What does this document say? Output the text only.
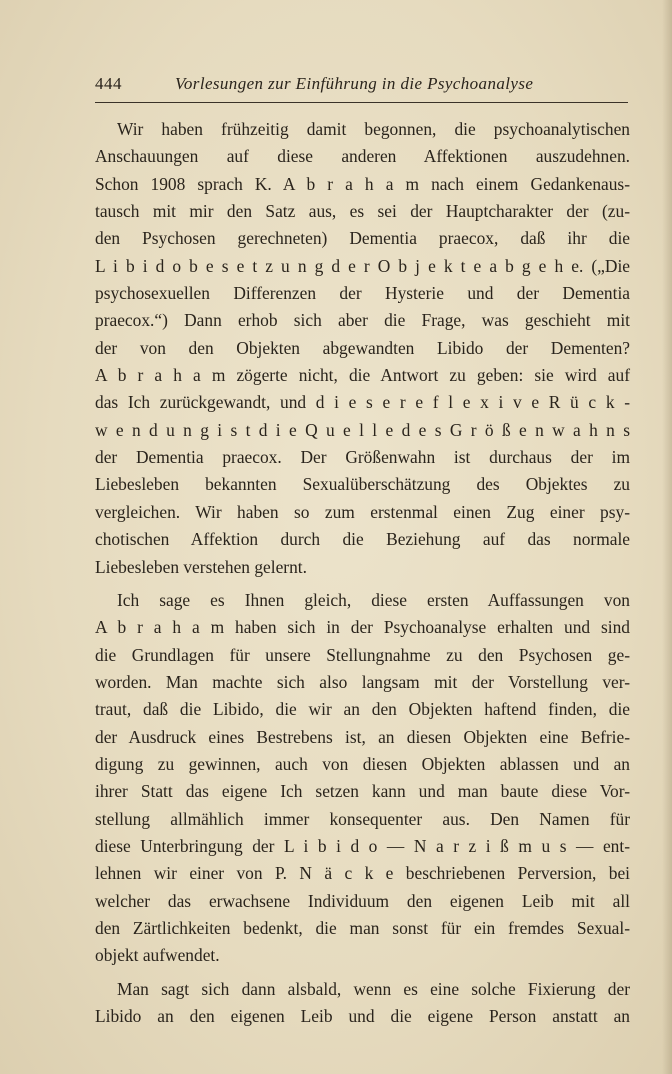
444	Vorlesungen zur Einführung in die Psychoanalyse
Wir haben frühzeitig damit begonnen, die psychoanalytischen
Anschauungen auf diese anderen Affektionen auszudehnen.
Schon 1908 sprach K. A b r a h a m nach einem Gedankenaus-
tausch mit mir den Satz aus, es sei der Hauptcharakter der (zu-
den Psychosen gerechneten) Dementia praecox, daß ihr die
L i b i d o b e s e t z u n g d e r O b j e k t e a b g e h e. („Die
psychosexuellen Differenzen der Hysterie und der Dementia
praecox.“) Dann erhob sich aber die Frage, was geschieht mit
der von den Objekten abgewandten Libido der Dementen?
A b r a h a m zögerte nicht, die Antwort zu geben: sie wird auf
das Ich zurückgewandt, und d i e s e r e f l e x i v e R ü c k -
w e n d u n g i s t d i e Q u e l l e d e s G r ö ß e n w a h n s
der Dementia praecox. Der Größenwahn ist durchaus der im
Liebesleben bekannten Sexualüberschätzung des Objektes zu
vergleichen. Wir haben so zum erstenmal einen Zug einer psy-
chotischen Affektion durch die Beziehung auf das normale
Liebesleben verstehen gelernt.
Ich sage es Ihnen gleich, diese ersten Auffassungen von
A b r a h a m haben sich in der Psychoanalyse erhalten und sind
die Grundlagen für unsere Stellungnahme zu den Psychosen ge-
worden. Man machte sich also langsam mit der Vorstellung ver-
traut, daß die Libido, die wir an den Objekten haftend finden, die
der Ausdruck eines Bestrebens ist, an diesen Objekten eine Befrie-
digung zu gewinnen, auch von diesen Objekten ablassen und an
ihrer Statt das eigene Ich setzen kann und man baute diese Vor-
stellung allmählich immer konsequenter aus. Den Namen für
diese Unterbringung der L i b i d o — N a r z i ß m u s — ent-
lehnen wir einer von P. N ä c k e beschriebenen Perversion, bei
welcher das erwachsene Individuum den eigenen Leib mit all
den Zärtlichkeiten bedenkt, die man sonst für ein fremdes Sexual-
objekt aufwendet.
Man sagt sich dann alsbald, wenn es eine solche Fixierung der
Libido an den eigenen Leib und die eigene Person anstatt an
